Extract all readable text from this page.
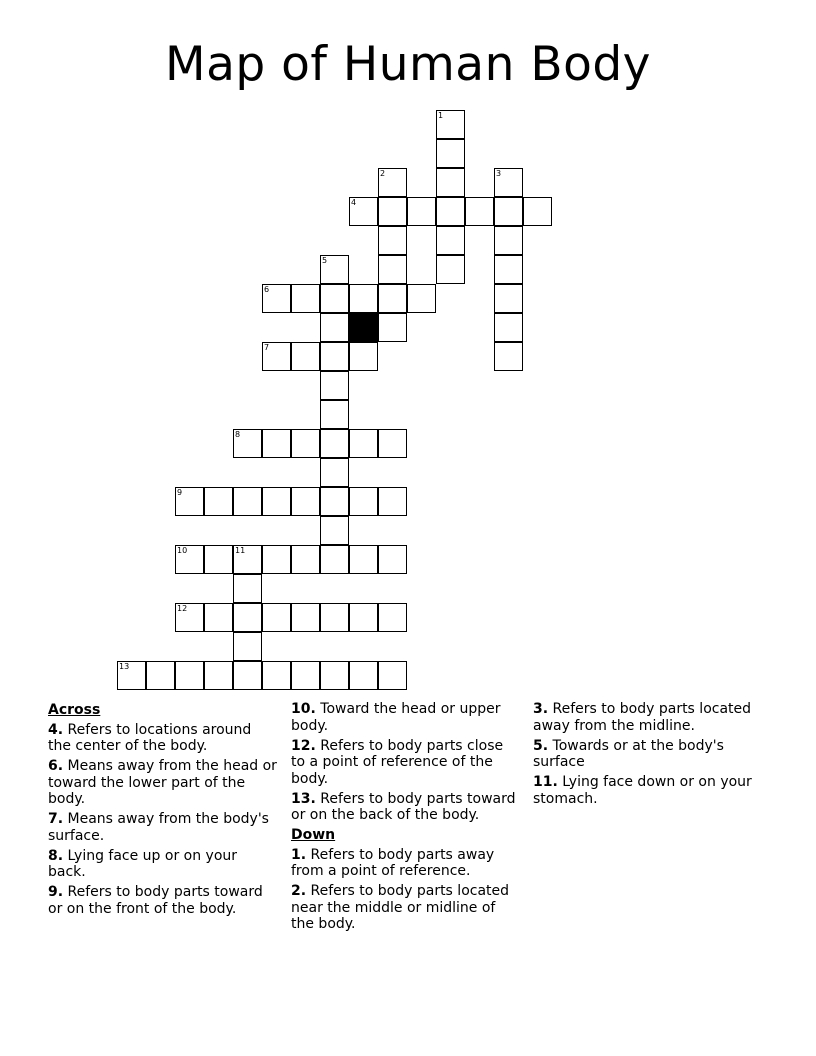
Map of Human Body
1
2	3
4
5
6
7
8
9
10	11
12
13
Across
4. Refers to locations around the center of the body.
6. Means away from the head or toward the lower part of the body.
7. Means away from the body's surface.
8. Lying face up or on your back.
9. Refers to body parts toward or on the front of the body.
10. Toward the head or upper body.
12. Refers to body parts close to a point of reference of the body.
13. Refers to body parts toward or on the back of the body.
Down
1. Refers to body parts away from a point of reference.
2. Refers to body parts located near the middle or midline of the body.
3. Refers to body parts located away from the midline.
5. Towards or at the body's surface
11. Lying face down or on your stomach.
